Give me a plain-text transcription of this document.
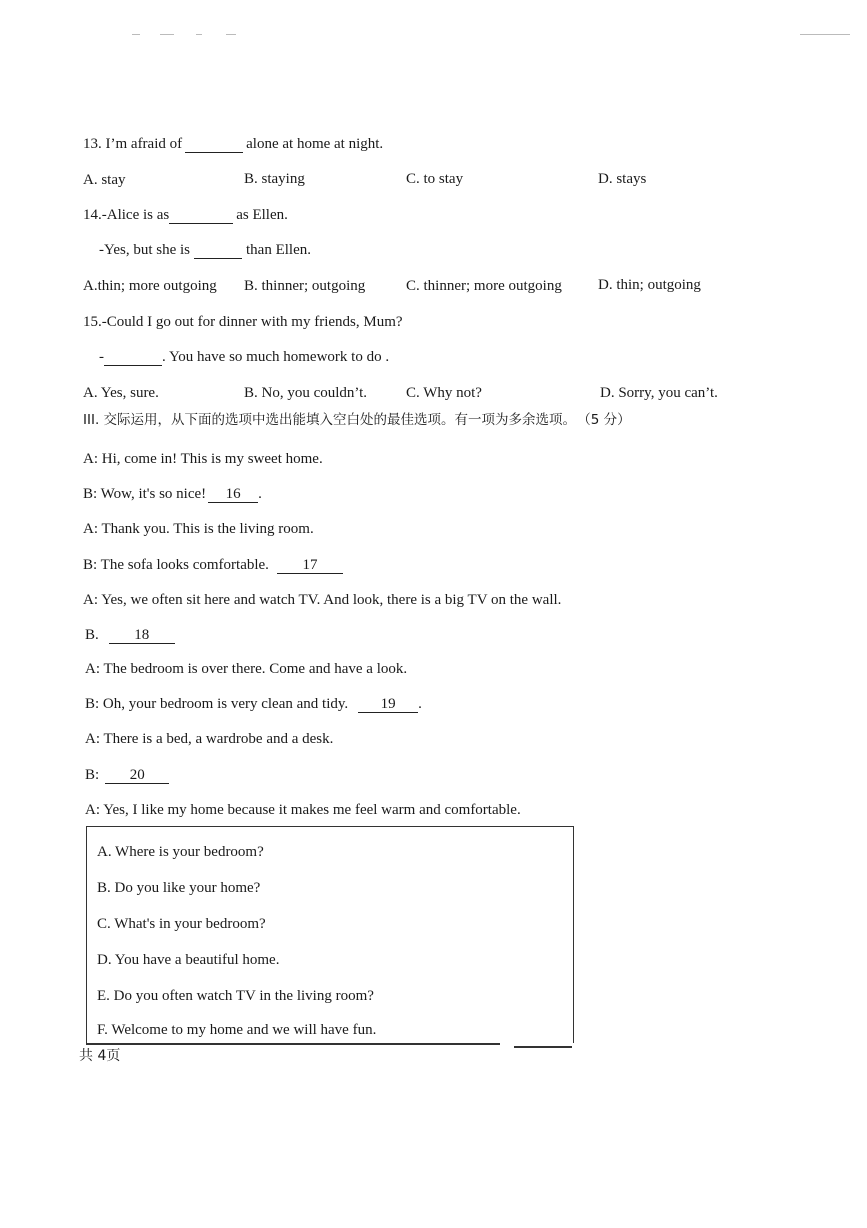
13. I’m afraid of	alone at home at night.
A. stay	B. staying	C. to stay	D. stays
14.-Alice is as	as Ellen.
-Yes, but she is	than Ellen.
A.thin; more outgoing B. thinner; outgoing	C. thinner; more outgoing D. thin; outgoing
15.-Could I go out for dinner with my friends, Mum?
-	. You have so much homework to do .
A. Yes, sure.	B. No, you couldn’t.	C. Why not?	D. Sorry, you can’t.
III. 交际运用，从下面的选项中选出能填入空白处的最佳选项。有一项为多余选项。 （5 分）
A: Hi, come in! This is my sweet home.
B: Wow, it's so nice! 16 .
A: Thank you. This is the living room.
B: The sofa looks comfortable. 17
A: Yes, we often sit here and watch TV. And look, there is a big TV on the wall.
B. 18
A: The bedroom is over there. Come and have a look.
B: Oh, your bedroom is very clean and tidy. 19 .
A: There is a bed, a wardrobe and a desk.
B: 20
A: Yes, I like my home because it makes me feel warm and comfortable.
A. Where is your bedroom?
B. Do you like your home?
C. What's in your bedroom?
D. You have a beautiful home.
E. Do you often watch TV in the living room?
F. Welcome to my home and we will have fun.
共 4页
